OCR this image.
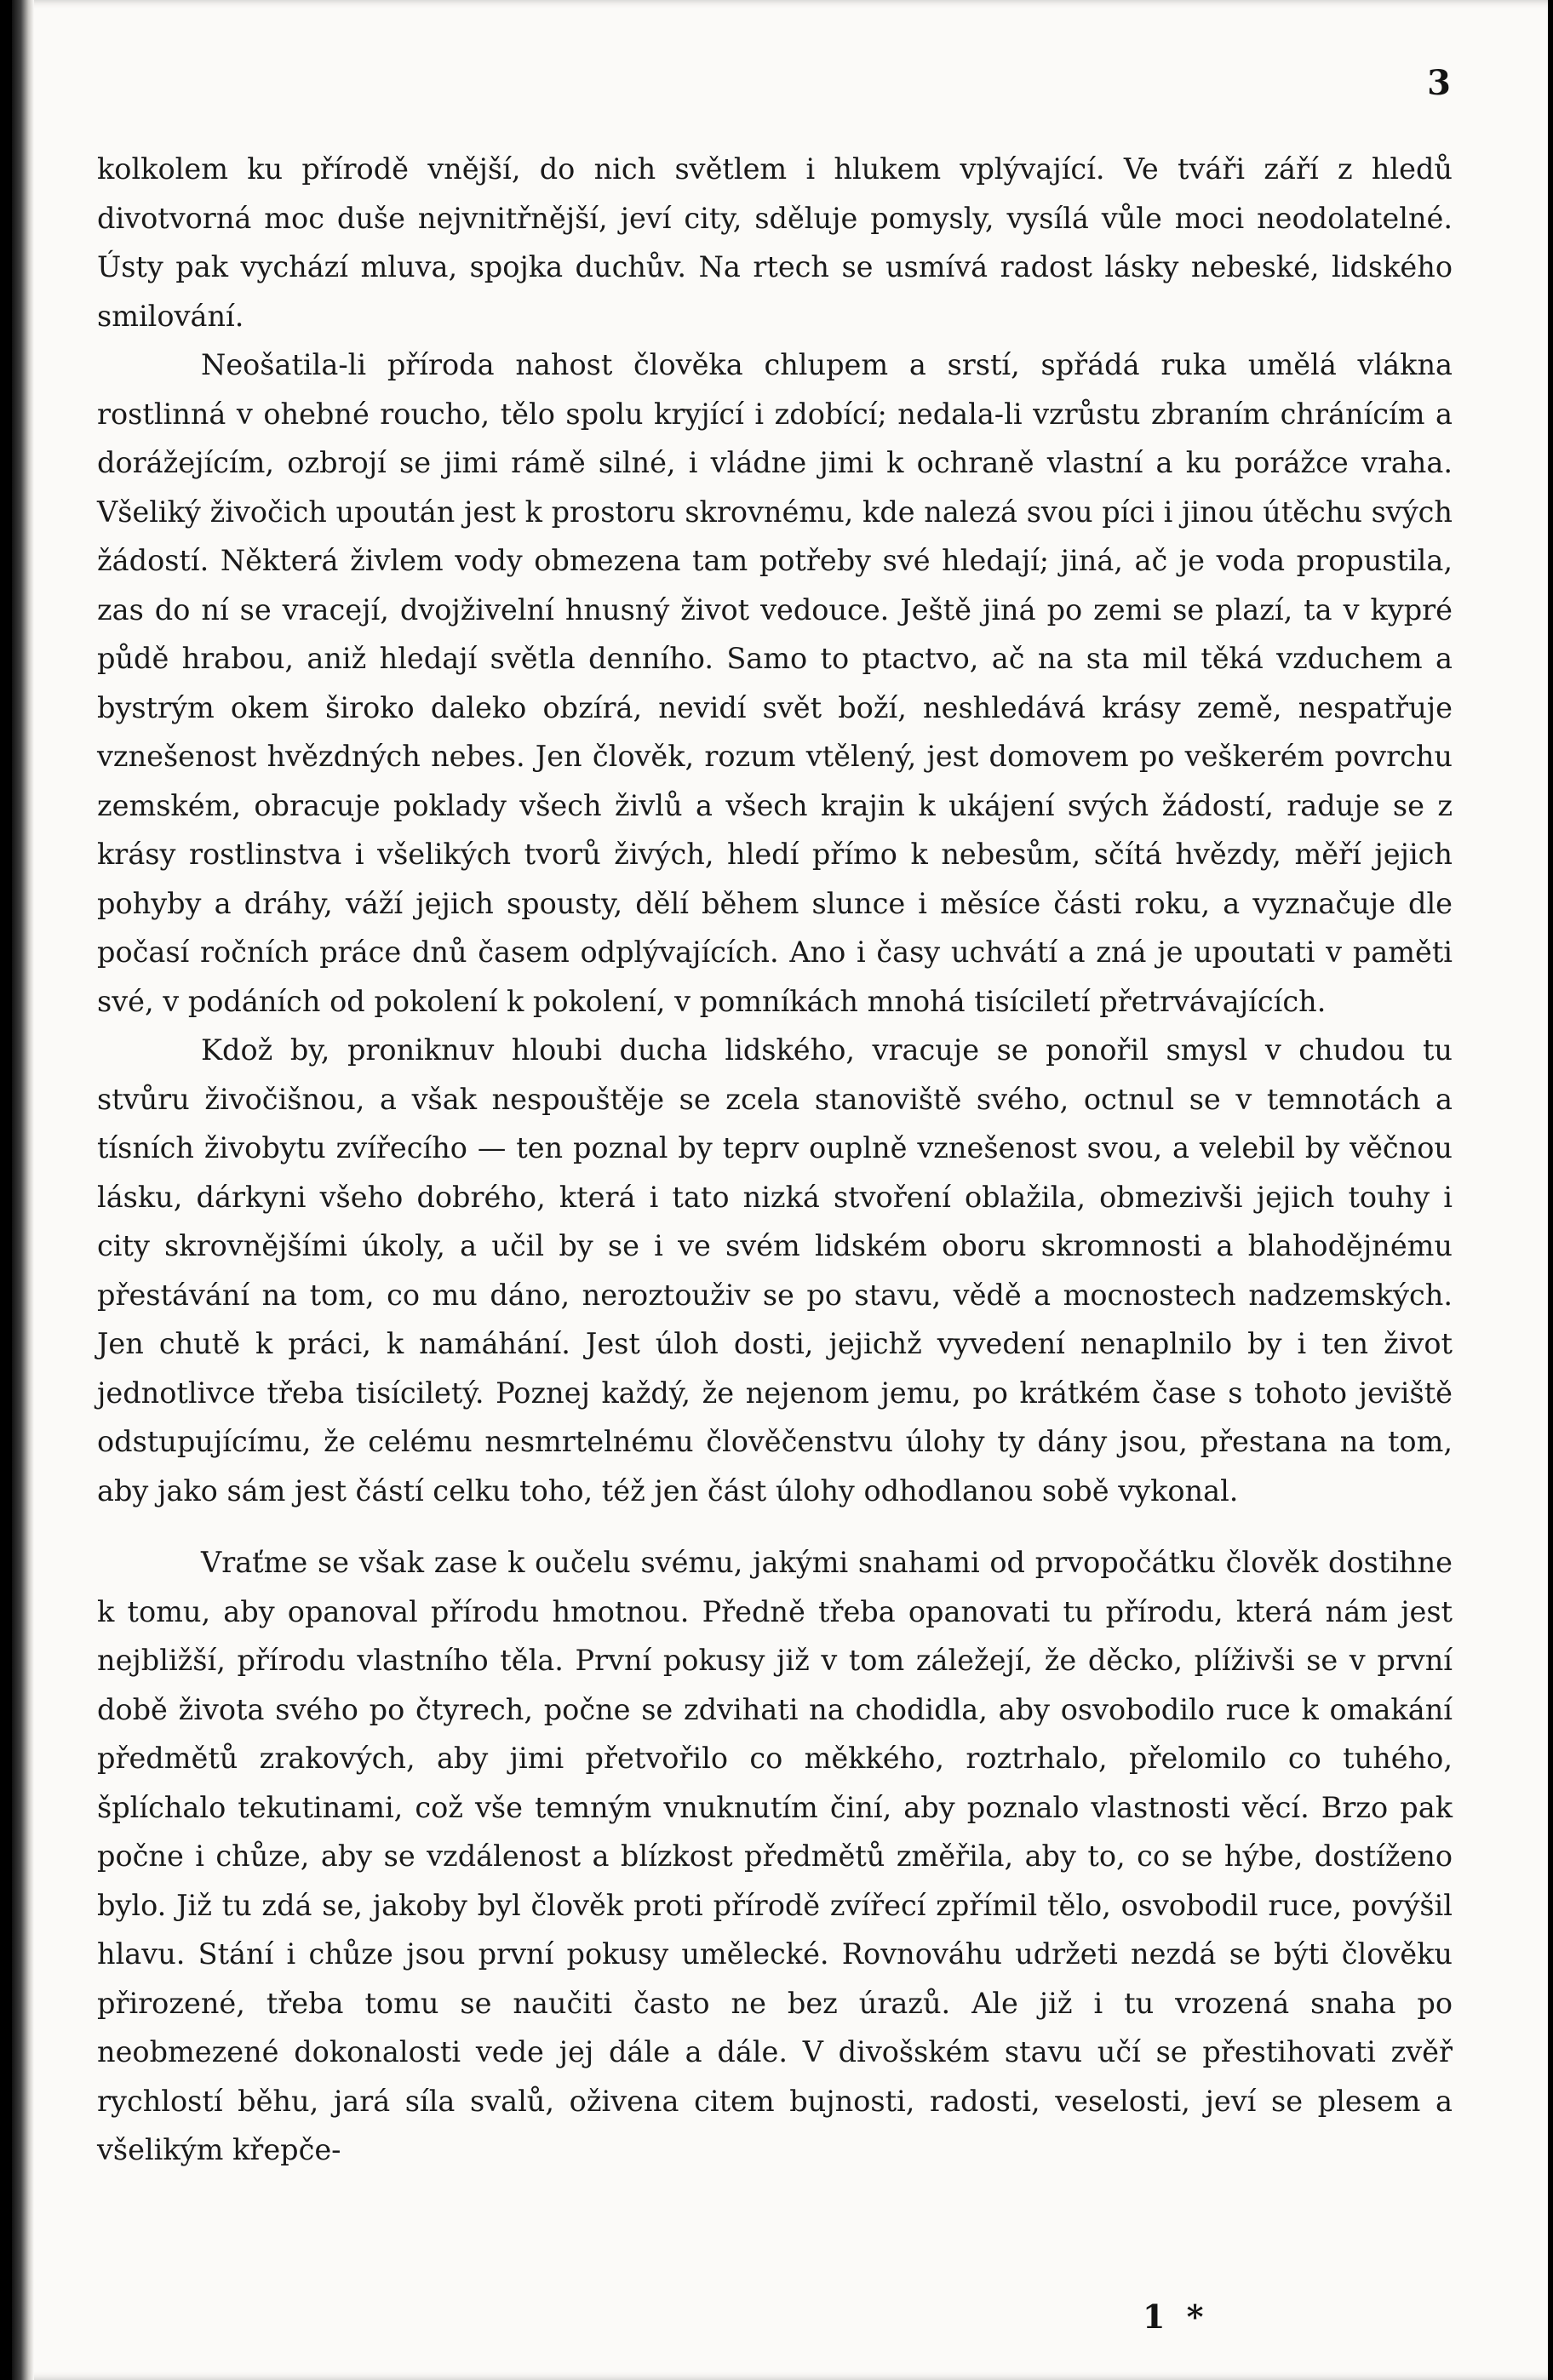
3

kolkolem ku přírodě vnější, do nich světlem i hlukem vplývající. Ve tváři září z hledů divotvorná moc duše nejvnitřnější, jeví city, sděluje pomysly, vysílá vůle moci neodolatelné. Ústy pak vychází mluva, spojka duchův. Na rtech se usmívá radost lásky nebeské, lidského smilování.

Neošatila-li příroda nahost člověka chlupem a srstí, spřádá ruka umělá vlákna rostlinná v ohebné roucho, tělo spolu kryjící i zdobící; nedala-li vzrůstu zbraním chránícím a dorážejícím, ozbrojí se jimi rámě silné, i vládne jimi k ochraně vlastní a ku porážce vraha. Všeliký živočich upoután jest k prostoru skrovnému, kde nalezá svou píci i jinou útěchu svých žádostí. Některá živlem vody obmezena tam potřeby své hledají; jiná, ač je voda propustila, zas do ní se vracejí, dvojživelní hnusný život vedouce. Ještě jiná po zemi se plazí, ta v kypré půdě hrabou, aniž hledají světla denního. Samo to ptactvo, ač na sta mil těká vzduchem a bystrým okem široko daleko obzírá, nevidí svět boží, neshledává krásy země, nespatřuje vznešenost hvězdných nebes. Jen člověk, rozum vtělený, jest domovem po veškerém povrchu zemském, obracuje poklady všech živlů a všech krajin k ukájení svých žádostí, raduje se z krásy rostlinstva i všelikých tvorů živých, hledí přímo k nebesům, sčítá hvězdy, měří jejich pohyby a dráhy, váží jejich spousty, dělí během slunce i měsíce části roku, a vyznačuje dle počasí ročních práce dnů časem odplývajících. Ano i časy uchvátí a zná je upoutati v paměti své, v podáních od pokolení k pokolení, v pomníkách mnohá tisíciletí přetrvávajících.

Kdož by, proniknuv hloubi ducha lidského, vracuje se ponořil smysl v chudou tu stvůru živočišnou, a však nespouštěje se zcela stanoviště svého, octnul se v temnotách a tísních živobytu zvířecího — ten poznal by teprv ouplně vznešenost svou, a velebil by věčnou lásku, dárkyni všeho dobrého, která i tato nizká stvoření oblažila, obmezivši jejich touhy i city skrovnějšími úkoly, a učil by se i ve svém lidském oboru skromnosti a blahodějnému přestávání na tom, co mu dáno, neroztouživ se po stavu, vědě a mocnostech nadzemských. Jen chutě k práci, k namáhání. Jest úloh dosti, jejichž vyvedení nenaplnilo by i ten život jednotlivce třeba tisíciletý. Poznej každý, že nejenom jemu, po krátkém čase s tohoto jeviště odstupujícímu, že celému nesmrtelnému člověčenstvu úlohy ty dány jsou, přestana na tom, aby jako sám jest částí celku toho, též jen část úlohy odhodlanou sobě vykonal.

Vraťme se však zase k oučelu svému, jakými snahami od prvopočátku člověk dostihne k tomu, aby opanoval přírodu hmotnou. Předně třeba opanovati tu přírodu, která nám jest nejbližší, přírodu vlastního těla. První pokusy již v tom záležejí, že děcko, plíživši se v první době života svého po čtyrech, počne se zdvihati na chodidla, aby osvobodilo ruce k omakání předmětů zrakových, aby jimi přetvořilo co měkkého, roztrhalo, přelomilo co tuhého, šplíchalo tekutinami, což vše temným vnuknutím činí, aby poznalo vlastnosti věcí. Brzo pak počne i chůze, aby se vzdálenost a blízkost předmětů změřila, aby to, co se hýbe, dostíženo bylo. Již tu zdá se, jakoby byl člověk proti přírodě zvířecí zpřímil tělo, osvobodil ruce, povýšil hlavu. Stání i chůze jsou první pokusy umělecké. Rovnováhu udržeti nezdá se býti člověku přirozené, třeba tomu se naučiti často ne bez úrazů. Ale již i tu vrozená snaha po neobmezené dokonalosti vede jej dále a dále. V divošském stavu učí se přestihovati zvěř rychlostí běhu, jará síla svalů, oživena citem bujnosti, radosti, veselosti, jeví se plesem a všelikým křepče-

1 *
